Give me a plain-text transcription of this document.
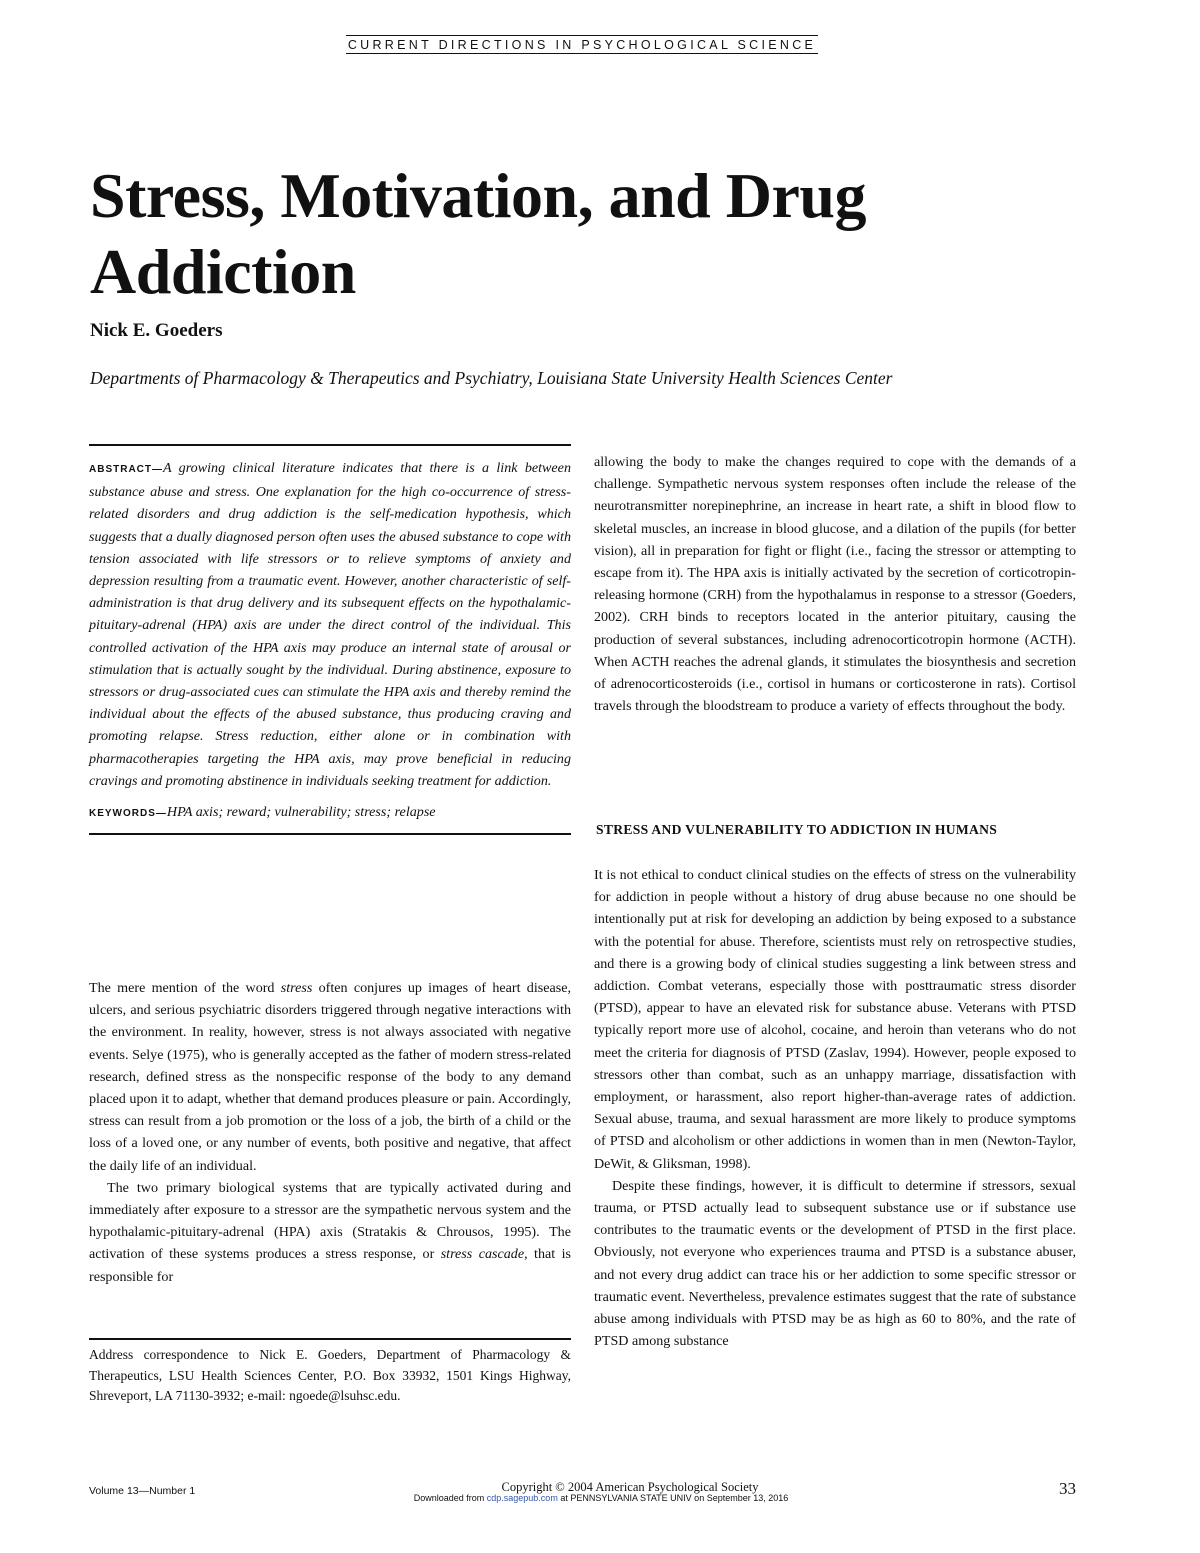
CURRENT DIRECTIONS IN PSYCHOLOGICAL SCIENCE
Stress, Motivation, and Drug Addiction
Nick E. Goeders
Departments of Pharmacology & Therapeutics and Psychiatry, Louisiana State University Health Sciences Center

ABSTRACT—A growing clinical literature indicates that there is a link between substance abuse and stress. One explanation for the high co-occurrence of stress-related disorders and drug addiction is the self-medication hypothesis, which suggests that a dually diagnosed person often uses the abused substance to cope with tension associated with life stressors or to relieve symptoms of anxiety and depression resulting from a traumatic event. However, another characteristic of self-administration is that drug delivery and its subsequent effects on the hypothalamic-pituitary-adrenal (HPA) axis are under the direct control of the individual. This controlled activation of the HPA axis may produce an internal state of arousal or stimulation that is actually sought by the individual. During abstinence, exposure to stressors or drug-associated cues can stimulate the HPA axis and thereby remind the individual about the effects of the abused substance, thus producing craving and promoting relapse. Stress reduction, either alone or in combination with pharmacotherapies targeting the HPA axis, may prove beneficial in reducing cravings and promoting abstinence in individuals seeking treatment for addiction.

KEYWORDS—HPA axis; reward; vulnerability; stress; relapse

The mere mention of the word stress often conjures up images of heart disease, ulcers, and serious psychiatric disorders triggered through negative interactions with the environment. In reality, however, stress is not always associated with negative events. Selye (1975), who is generally accepted as the father of modern stress-related research, defined stress as the nonspecific response of the body to any demand placed upon it to adapt, whether that demand produces pleasure or pain. Accordingly, stress can result from a job promotion or the loss of a job, the birth of a child or the loss of a loved one, or any number of events, both positive and negative, that affect the daily life of an individual.

The two primary biological systems that are typically activated during and immediately after exposure to a stressor are the sympathetic nervous system and the hypothalamic-pituitary-adrenal (HPA) axis (Stratakis & Chrousos, 1995). The activation of these systems produces a stress response, or stress cascade, that is responsible for

allowing the body to make the changes required to cope with the demands of a challenge. Sympathetic nervous system responses often include the release of the neurotransmitter norepinephrine, an increase in heart rate, a shift in blood flow to skeletal muscles, an increase in blood glucose, and a dilation of the pupils (for better vision), all in preparation for fight or flight (i.e., facing the stressor or attempting to escape from it). The HPA axis is initially activated by the secretion of corticotropin-releasing hormone (CRH) from the hypothalamus in response to a stressor (Goeders, 2002). CRH binds to receptors located in the anterior pituitary, causing the production of several substances, including adrenocorticotropin hormone (ACTH). When ACTH reaches the adrenal glands, it stimulates the biosynthesis and secretion of adrenocorticosteroids (i.e., cortisol in humans or corticosterone in rats). Cortisol travels through the bloodstream to produce a variety of effects throughout the body.

STRESS AND VULNERABILITY TO ADDICTION IN HUMANS

It is not ethical to conduct clinical studies on the effects of stress on the vulnerability for addiction in people without a history of drug abuse because no one should be intentionally put at risk for developing an addiction by being exposed to a substance with the potential for abuse. Therefore, scientists must rely on retrospective studies, and there is a growing body of clinical studies suggesting a link between stress and addiction. Combat veterans, especially those with posttraumatic stress disorder (PTSD), appear to have an elevated risk for substance abuse. Veterans with PTSD typically report more use of alcohol, cocaine, and heroin than veterans who do not meet the criteria for diagnosis of PTSD (Zaslav, 1994). However, people exposed to stressors other than combat, such as an unhappy marriage, dissatisfaction with employment, or harassment, also report higher-than-average rates of addiction. Sexual abuse, trauma, and sexual harassment are more likely to produce symptoms of PTSD and alcoholism or other addictions in women than in men (Newton-Taylor, DeWit, & Gliksman, 1998).

Despite these findings, however, it is difficult to determine if stressors, sexual trauma, or PTSD actually lead to subsequent substance use or if substance use contributes to the traumatic events or the development of PTSD in the first place. Obviously, not everyone who experiences trauma and PTSD is a substance abuser, and not every drug addict can trace his or her addiction to some specific stressor or traumatic event. Nevertheless, prevalence estimates suggest that the rate of substance abuse among individuals with PTSD may be as high as 60 to 80%, and the rate of PTSD among substance

Address correspondence to Nick E. Goeders, Department of Pharmacology & Therapeutics, LSU Health Sciences Center, P.O. Box 33932, 1501 Kings Highway, Shreveport, LA 71130-3932; e-mail: ngoede@lsuhsc.edu.

Volume 13—Number 1	Copyright © 2004 American Psychological Society
Downloaded from cdp.sagepub.com at PENNSYLVANIA STATE UNIV on September 13, 2016	33
